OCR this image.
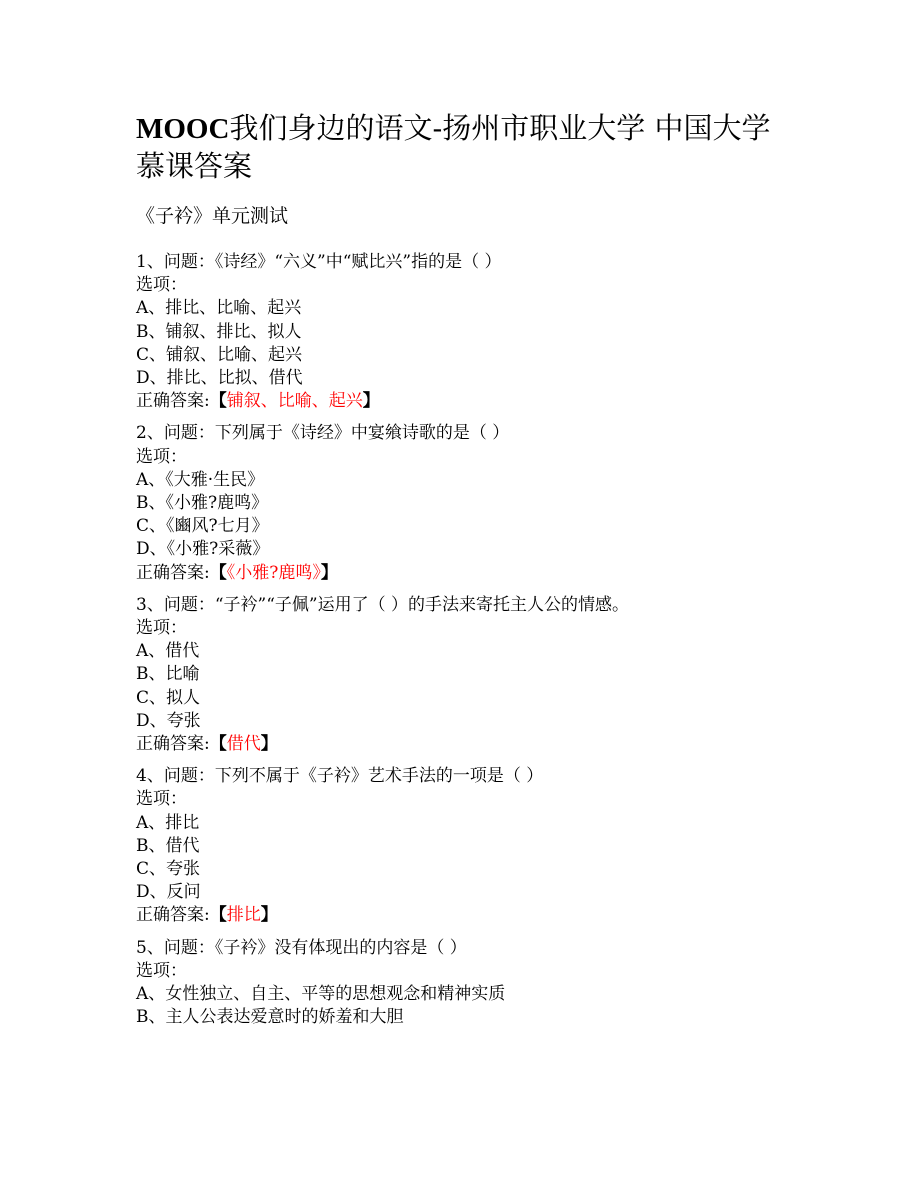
MOOC我们身边的语文-扬州市职业大学 中国大学慕课答案

《子衿》单元测试

1、问题：《诗经》“六义”中“赋比兴”指的是（ ）
选项：
A、排比、比喻、起兴
B、铺叙、排比、拟人
C、铺叙、比喻、起兴
D、排比、比拟、借代
正确答案:【铺叙、比喻、起兴】
2、问题：下列属于《诗经》中宴飨诗歌的是（ ）
选项：
A、《大雅·生民》
B、《小雅?鹿鸣》
C、《豳风?七月》
D、《小雅?采薇》
正确答案:【《小雅?鹿鸣》】
3、问题：“子衿”“子佩”运用了（ ）的手法来寄托主人公的情感。
选项：
A、借代
B、比喻
C、拟人
D、夸张
正确答案:【借代】
4、问题：下列不属于《子衿》艺术手法的一项是（ ）
选项：
A、排比
B、借代
C、夸张
D、反问
正确答案:【排比】
5、问题：《子衿》没有体现出的内容是（ ）
选项：
A、女性独立、自主、平等的思想观念和精神实质
B、主人公表达爱意时的娇羞和大胆
